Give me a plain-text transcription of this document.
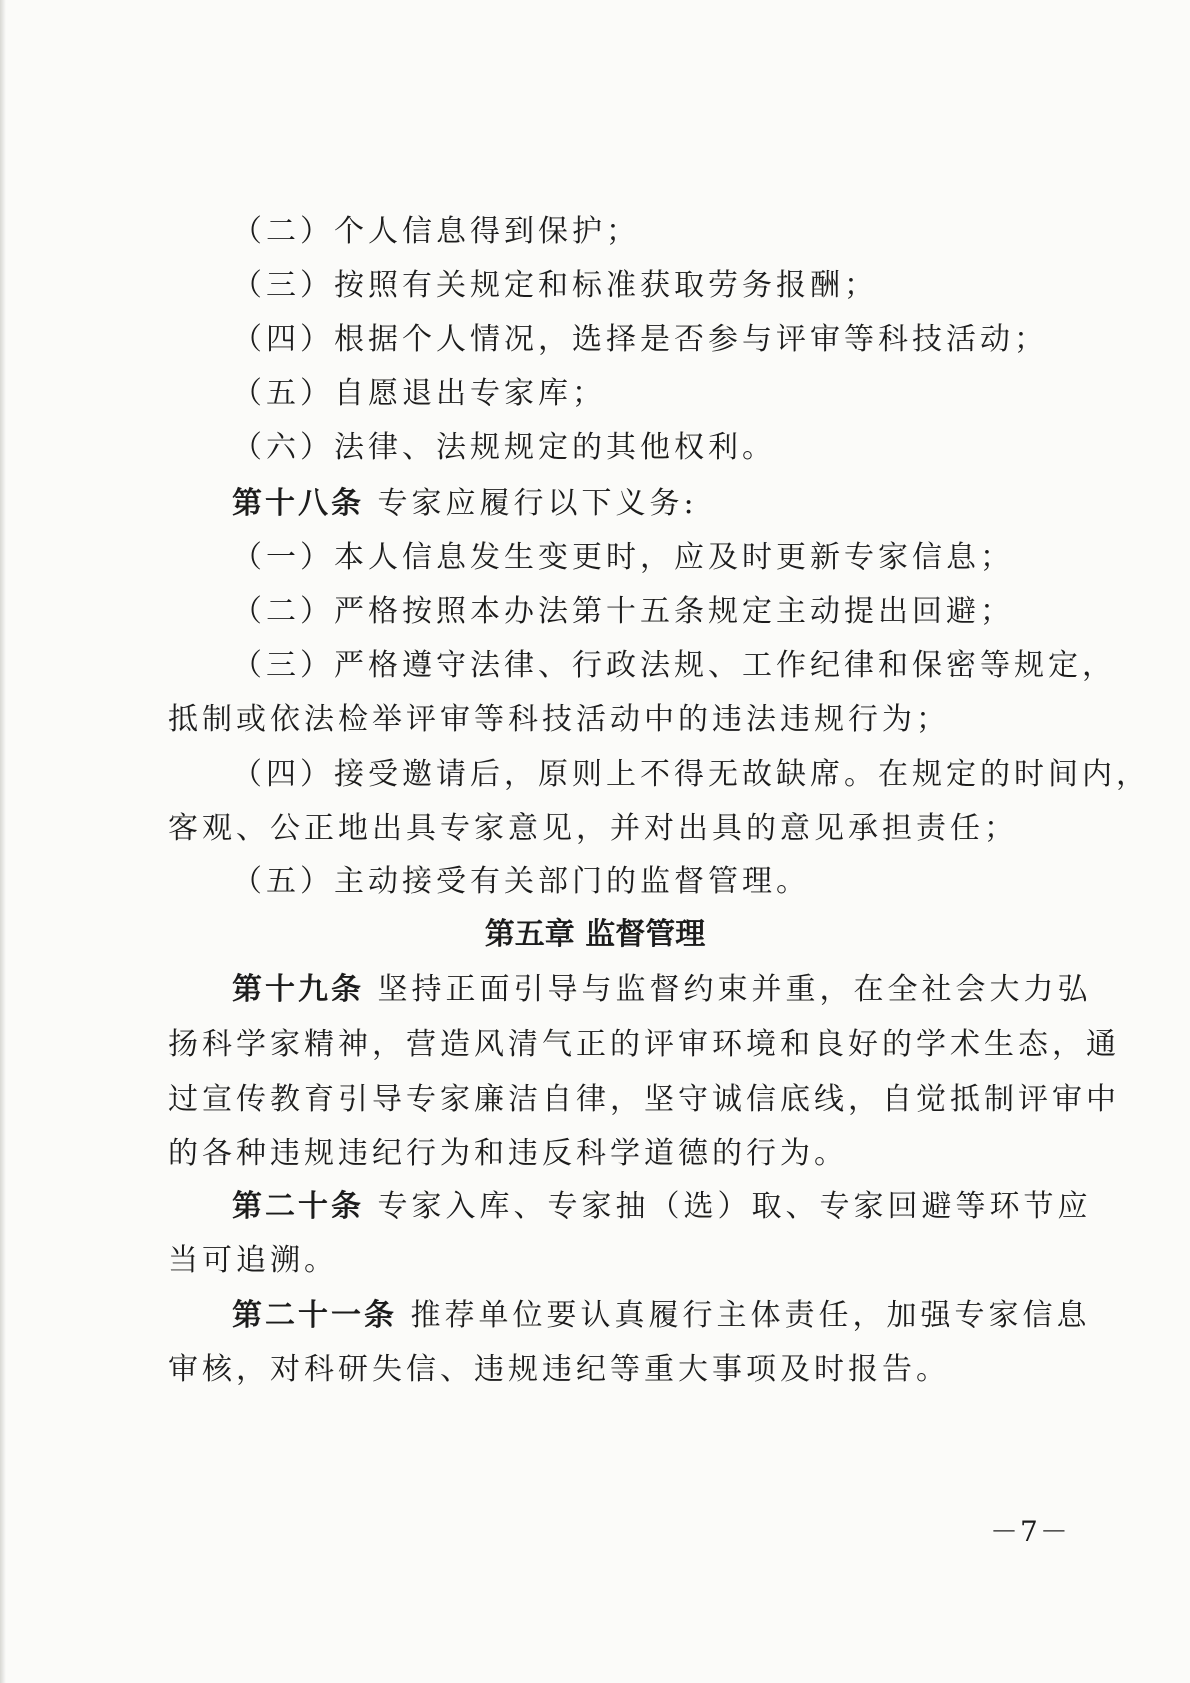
（二）个人信息得到保护；
（三）按照有关规定和标准获取劳务报酬；
（四）根据个人情况，选择是否参与评审等科技活动；
（五）自愿退出专家库；
（六）法律、法规规定的其他权利。
第十八条 专家应履行以下义务:
（一）本人信息发生变更时，应及时更新专家信息；
（二）严格按照本办法第十五条规定主动提出回避；
（三）严格遵守法律、行政法规、工作纪律和保密等规定，
抵制或依法检举评审等科技活动中的违法违规行为；
（四）接受邀请后，原则上不得无故缺席。在规定的时间内，
客观、公正地出具专家意见，并对出具的意见承担责任；
（五）主动接受有关部门的监督管理。
第五章 监督管理
第十九条 坚持正面引导与监督约束并重，在全社会大力弘
扬科学家精神，营造风清气正的评审环境和良好的学术生态，通
过宣传教育引导专家廉洁自律，坚守诚信底线，自觉抵制评审中
的各种违规违纪行为和违反科学道德的行为。
第二十条 专家入库、专家抽（选）取、专家回避等环节应
当可追溯。
第二十一条 推荐单位要认真履行主体责任，加强专家信息
审核，对科研失信、违规违纪等重大事项及时报告。
－7－
